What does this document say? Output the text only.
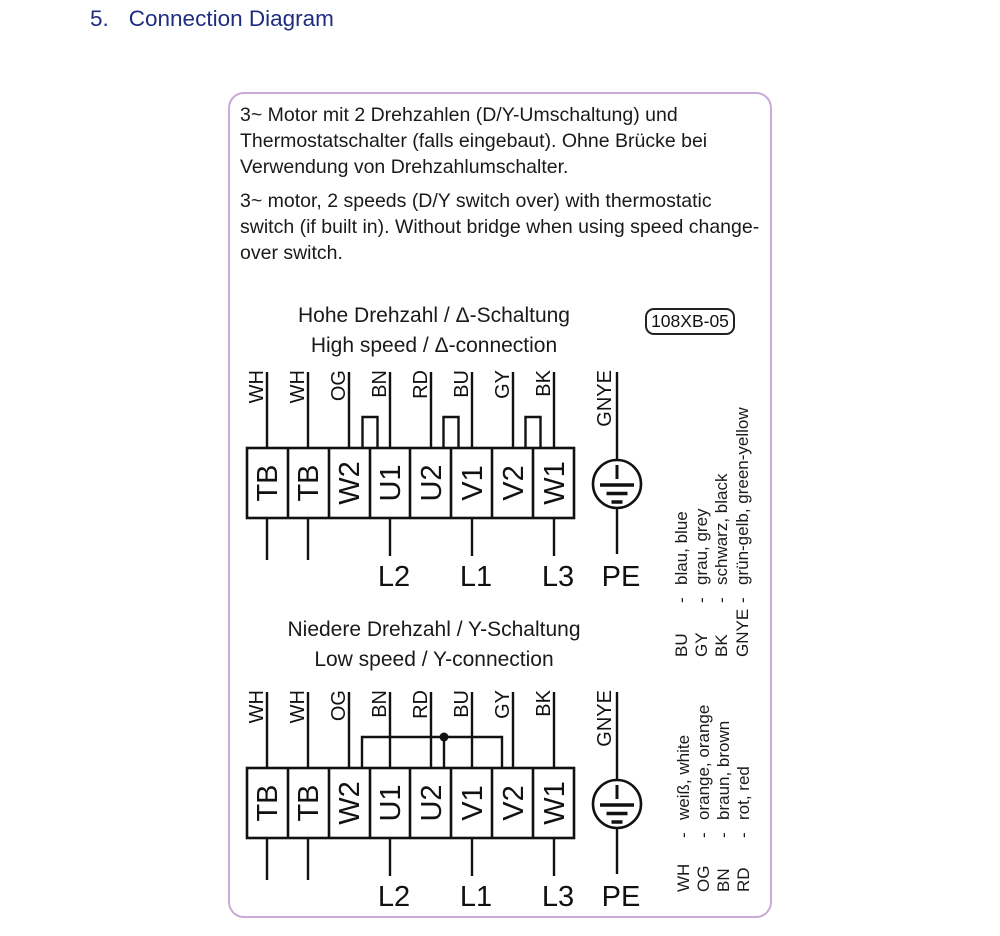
5. Connection Diagram

3~ Motor mit 2 Drehzahlen (D/Y-Umschaltung) und Thermostatschalter (falls eingebaut). Ohne Brücke bei Verwendung von Drehzahlumschalter.

3~ motor, 2 speeds (D/Y switch over) with thermostatic switch (if built in). Without bridge when using speed change-over switch.

Hohe Drehzahl / Δ-Schaltung
High speed / Δ-connection
108XB-05
WH WH OG BN RD BU GY BK GNYE
TB TB W2 U1 U2 V1 V2 W1
L2 L1 L3 PE
Niedere Drehzahl / Y-Schaltung
Low speed / Y-connection
WH WH OG BN RD BU GY BK GNYE
TB TB W2 U1 U2 V1 V2 W1
L2 L1 L3 PE
BU
-
blau, blue
GY
-
grau, grey
BK
-
schwarz, black
GNYE
-
grün-gelb, green-yellow
WH
-
weiß, white
OG
-
orange, orange
BN
-
braun, brown
RD
-
rot, red
